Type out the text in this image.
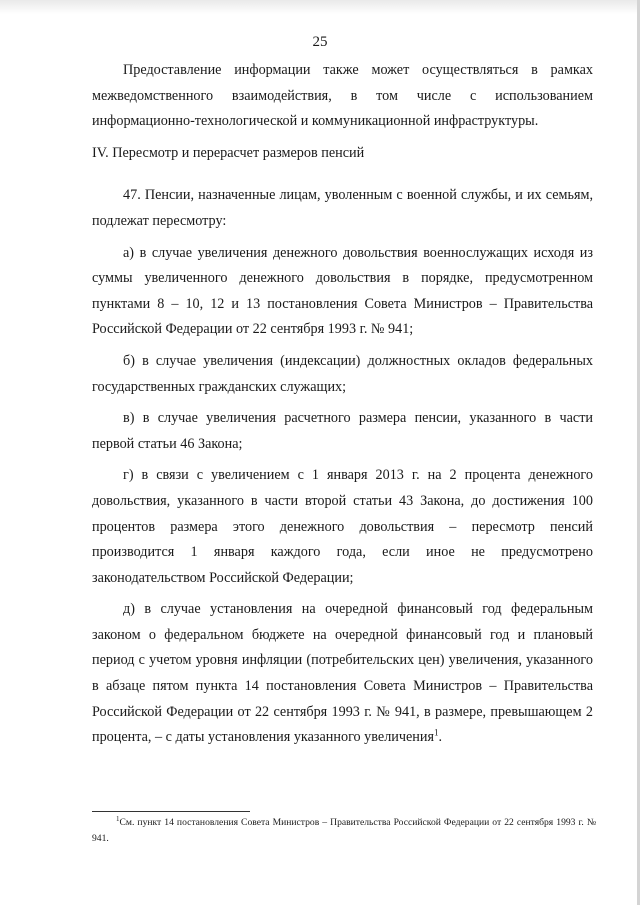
25

Предоставление информации также может осуществляться в рамках межведомственного взаимодействия, в том числе с использованием информационно-технологической и коммуникационной инфраструктуры.

IV. Пересмотр и перерасчет размеров пенсий

47. Пенсии, назначенные лицам, уволенным с военной службы, и их семьям, подлежат пересмотру:

а) в случае увеличения денежного довольствия военнослужащих исходя из суммы увеличенного денежного довольствия в порядке, предусмотренном пунктами 8 – 10, 12 и 13 постановления Совета Министров – Правительства Российской Федерации от 22 сентября 1993 г. № 941;

б) в случае увеличения (индексации) должностных окладов федеральных государственных гражданских служащих;

в) в случае увеличения расчетного размера пенсии, указанного в части первой статьи 46 Закона;

г) в связи с увеличением с 1 января 2013 г. на 2 процента денежного довольствия, указанного в части второй статьи 43 Закона, до достижения 100 процентов размера этого денежного довольствия – пересмотр пенсий производится 1 января каждого года, если иное не предусмотрено законодательством Российской Федерации;

д) в случае установления на очередной финансовый год федеральным законом о федеральном бюджете на очередной финансовый год и плановый период с учетом уровня инфляции (потребительских цен) увеличения, указанного в абзаце пятом пункта 14 постановления Совета Министров – Правительства Российской Федерации от 22 сентября 1993 г. № 941, в размере, превышающем 2 процента, – с даты установления указанного увеличения$^1$.

$^1$См. пункт 14 постановления Совета Министров – Правительства Российской Федерации от 22 сентября 1993 г. № 941.
